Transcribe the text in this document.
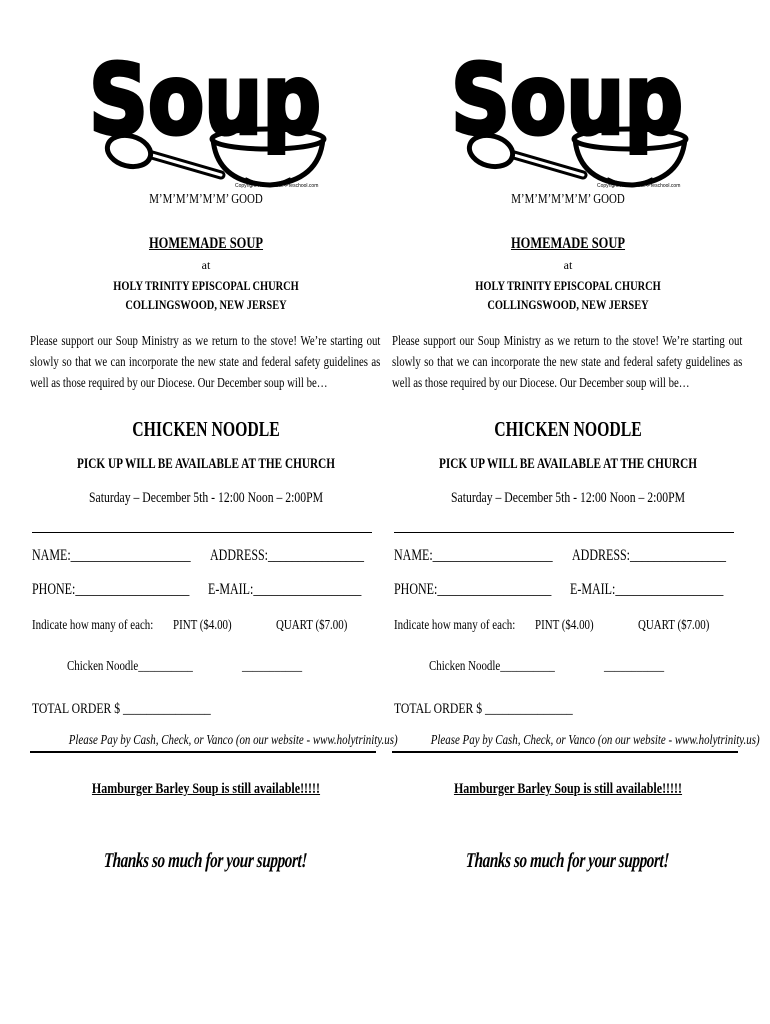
Soup
Copyright Homemade-Preschool.com
M’M’M’M’M’M’ GOOD
HOMEMADE SOUP
at
HOLY TRINITY EPISCOPAL CHURCH
COLLINGSWOOD, NEW JERSEY
Please support our Soup Ministry as we return to the stove! We’re starting out slowly so that we can incorporate the new state and federal safety guidelines as well as those required by our Diocese. Our December soup will be…
CHICKEN NOODLE
PICK UP WILL BE AVAILABLE AT THE CHURCH
Saturday – December 5th - 12:00 Noon – 2:00PM
NAME:____________________ ADDRESS:________________
PHONE:___________________ E-MAIL:__________________
Indicate how many of each: PINT ($4.00)	QUART ($7.00)
Chicken Noodle__________	___________
TOTAL ORDER $ _______________
Please Pay by Cash, Check, or Vanco (on our website - www.holytrinity.us)
Hamburger Barley Soup is still available!!!!!
Thanks so much for your support!
Soup
Copyright Homemade-Preschool.com
M’M’M’M’M’M’ GOOD
HOMEMADE SOUP
at
HOLY TRINITY EPISCOPAL CHURCH
COLLINGSWOOD, NEW JERSEY
Please support our Soup Ministry as we return to the stove! We’re starting out slowly so that we can incorporate the new state and federal safety guidelines as well as those required by our Diocese. Our December soup will be…
CHICKEN NOODLE
PICK UP WILL BE AVAILABLE AT THE CHURCH
Saturday – December 5th - 12:00 Noon – 2:00PM
NAME:____________________ ADDRESS:________________
PHONE:___________________ E-MAIL:__________________
Indicate how many of each: PINT ($4.00)	QUART ($7.00)
Chicken Noodle__________	___________
TOTAL ORDER $ _______________
Please Pay by Cash, Check, or Vanco (on our website - www.holytrinity.us)
Hamburger Barley Soup is still available!!!!!
Thanks so much for your support!
